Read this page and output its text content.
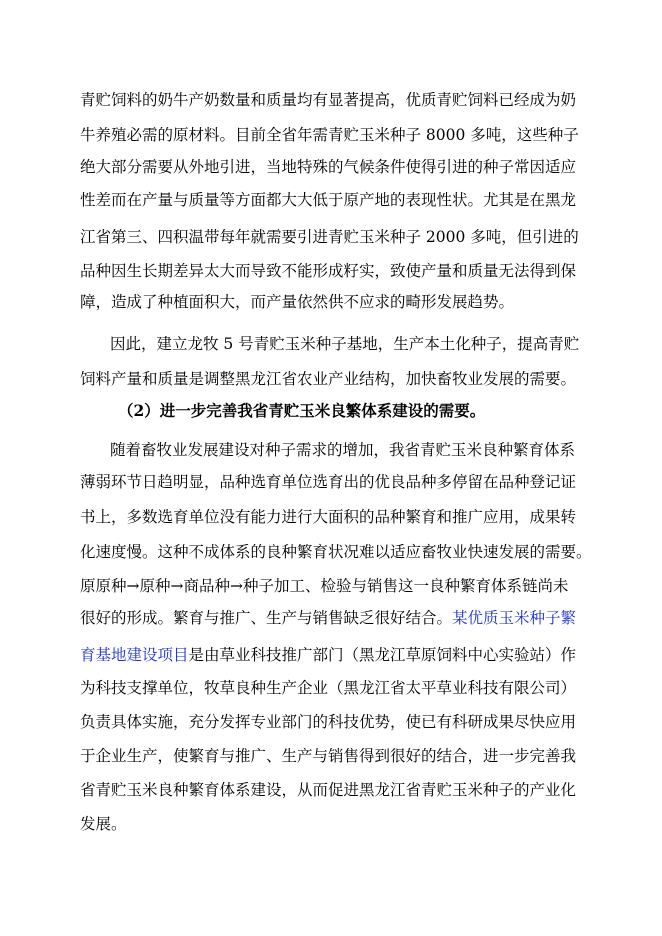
青贮饲料的奶牛产奶数量和质量均有显著提高，优质青贮饲料已经成为奶
牛养殖必需的原材料。目前全省年需青贮玉米种子 8000 多吨，这些种子
绝大部分需要从外地引进，当地特殊的气候条件使得引进的种子常因适应
性差而在产量与质量等方面都大大低于原产地的表现性状。尤其是在黑龙
江省第三、四积温带每年就需要引进青贮玉米种子 2000 多吨，但引进的
品种因生长期差异太大而导致不能形成籽实，致使产量和质量无法得到保
障，造成了种植面积大，而产量依然供不应求的畸形发展趋势。
因此，建立龙牧 5 号青贮玉米种子基地，生产本土化种子，提高青贮
饲料产量和质量是调整黑龙江省农业产业结构，加快畜牧业发展的需要。
（2）进一步完善我省青贮玉米良繁体系建设的需要。
随着畜牧业发展建设对种子需求的增加，我省青贮玉米良种繁育体系
薄弱环节日趋明显，品种选育单位选育出的优良品种多停留在品种登记证
书上，多数选育单位没有能力进行大面积的品种繁育和推广应用，成果转
化速度慢。这种不成体系的良种繁育状况难以适应畜牧业快速发展的需要。
原原种→原种→商品种→种子加工、检验与销售这一良种繁育体系链尚未
很好的形成。繁育与推广、生产与销售缺乏很好结合。某优质玉米种子繁
育基地建设项目是由草业科技推广部门（黑龙江草原饲料中心实验站）作
为科技支撑单位，牧草良种生产企业（黑龙江省太平草业科技有限公司）
负责具体实施，充分发挥专业部门的科技优势，使已有科研成果尽快应用
于企业生产，使繁育与推广、生产与销售得到很好的结合，进一步完善我
省青贮玉米良种繁育体系建设，从而促进黑龙江省青贮玉米种子的产业化
发展。
